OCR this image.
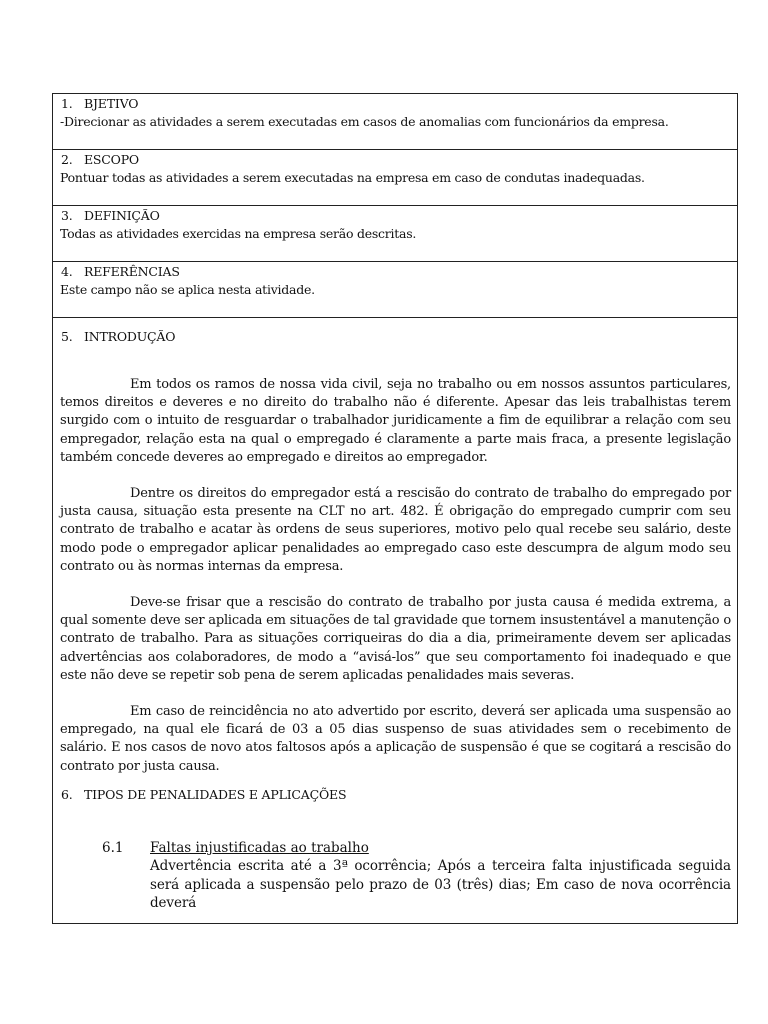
1. BJETIVO
-Direcionar as atividades a serem executadas em casos de anomalias com funcionários da empresa.

2. ESCOPO
Pontuar todas as atividades a serem executadas na empresa em caso de condutas inadequadas.

3. DEFINIÇÃO
Todas as atividades exercidas na empresa serão descritas.

4. REFERÊNCIAS
Este campo não se aplica nesta atividade.

5. INTRODUÇÃO

Em todos os ramos de nossa vida civil, seja no trabalho ou em nossos assuntos particulares, temos direitos e deveres e no direito do trabalho não é diferente. Apesar das leis trabalhistas terem surgido com o intuito de resguardar o trabalhador juridicamente a fim de equilibrar a relação com seu empregador, relação esta na qual o empregado é claramente a parte mais fraca, a presente legislação também concede deveres ao empregado e direitos ao empregador.

Dentre os direitos do empregador está a rescisão do contrato de trabalho do empregado por justa causa, situação esta presente na CLT no art. 482. É obrigação do empregado cumprir com seu contrato de trabalho e acatar às ordens de seus superiores, motivo pelo qual recebe seu salário, deste modo pode o empregador aplicar penalidades ao empregado caso este descumpra de algum modo seu contrato ou às normas internas da empresa.

Deve-se frisar que a rescisão do contrato de trabalho por justa causa é medida extrema, a qual somente deve ser aplicada em situações de tal gravidade que tornem insustentável a manutenção o contrato de trabalho. Para as situações corriqueiras do dia a dia, primeiramente devem ser aplicadas advertências aos colaboradores, de modo a “avisá-los” que seu comportamento foi inadequado e que este não deve se repetir sob pena de serem aplicadas penalidades mais severas.

Em caso de reincidência no ato advertido por escrito, deverá ser aplicada uma suspensão ao empregado, na qual ele ficará de 03 a 05 dias suspenso de suas atividades sem o recebimento de salário. E nos casos de novo atos faltosos após a aplicação de suspensão é que se cogitará a rescisão do contrato por justa causa.

6. TIPOS DE PENALIDADES E APLICAÇÕES
6.1	Faltas injustificadas ao trabalho
Advertência escrita até a 3ª ocorrência; Após a terceira falta injustificada seguida será aplicada a suspensão pelo prazo de 03 (três) dias; Em caso de nova ocorrência deverá
